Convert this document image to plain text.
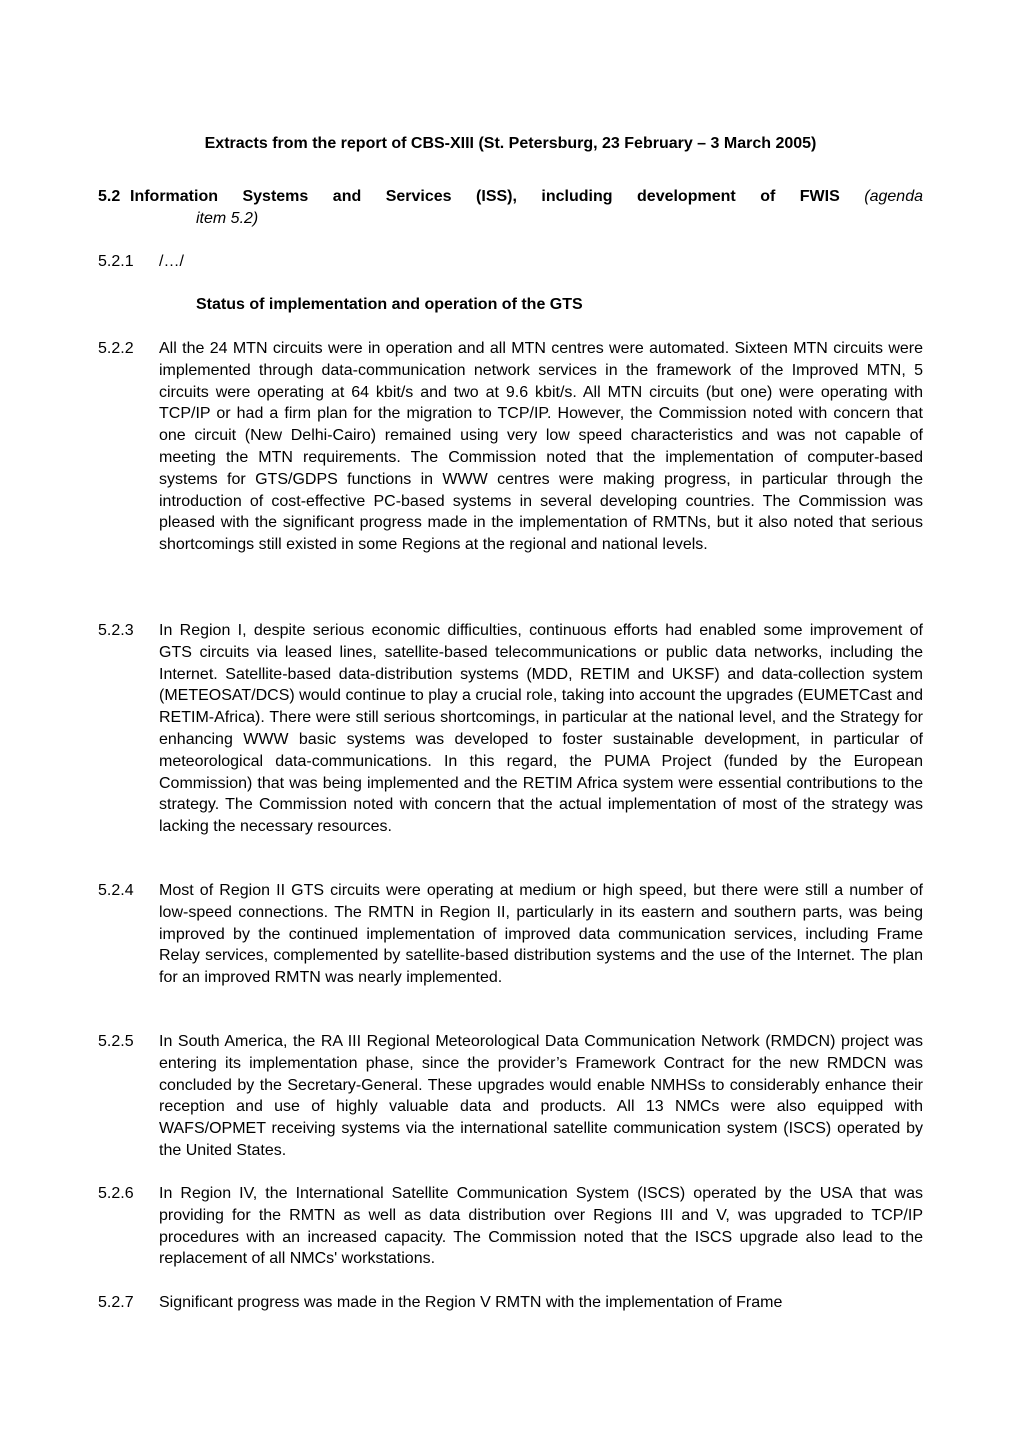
Extracts from the report of CBS-XIII (St. Petersburg, 23 February – 3 March 2005)
5.2 Information Systems and Services (ISS), including development of FWIS (agenda
item 5.2)
5.2.1	/…/
Status of implementation and operation of the GTS
5.2.2	All the 24 MTN circuits were in operation and all MTN centres were automated. Sixteen MTN circuits were implemented through data-communication network services in the framework of the Improved MTN, 5 circuits were operating at 64 kbit/s and two at 9.6 kbit/s. All MTN circuits (but one) were operating with TCP/IP or had a firm plan for the migration to TCP/IP. However, the Commission noted with concern that one circuit (New Delhi-Cairo) remained using very low speed characteristics and was not capable of meeting the MTN requirements. The Commission noted that the implementation of computer-based systems for GTS/GDPS functions in WWW centres were making progress, in particular through the introduction of cost-effective PC-based systems in several developing countries. The Commission was pleased with the significant progress made in the implementation of RMTNs, but it also noted that serious shortcomings still existed in some Regions at the regional and national levels.
5.2.3	In Region I, despite serious economic difficulties, continuous efforts had enabled some improvement of GTS circuits via leased lines, satellite-based telecommunications or public data networks, including the Internet. Satellite-based data-distribution systems (MDD, RETIM and UKSF) and data-collection system (METEOSAT/DCS) would continue to play a crucial role, taking into account the upgrades (EUMETCast and RETIM-Africa). There were still serious shortcomings, in particular at the national level, and the Strategy for enhancing WWW basic systems was developed to foster sustainable development, in particular of meteorological data-communications. In this regard, the PUMA Project (funded by the European Commission) that was being implemented and the RETIM Africa system were essential contributions to the strategy. The Commission noted with concern that the actual implementation of most of the strategy was lacking the necessary resources.
5.2.4	Most of Region II GTS circuits were operating at medium or high speed, but there were still a number of low-speed connections. The RMTN in Region II, particularly in its eastern and southern parts, was being improved by the continued implementation of improved data communication services, including Frame Relay services, complemented by satellite-based distribution systems and the use of the Internet. The plan for an improved RMTN was nearly implemented.
5.2.5	In South America, the RA III Regional Meteorological Data Communication Network (RMDCN) project was entering its implementation phase, since the provider’s Framework Contract for the new RMDCN was concluded by the Secretary-General. These upgrades would enable NMHSs to considerably enhance their reception and use of highly valuable data and products. All 13 NMCs were also equipped with WAFS/OPMET receiving systems via the international satellite communication system (ISCS) operated by the United States.
5.2.6	In Region IV, the International Satellite Communication System (ISCS) operated by the USA that was providing for the RMTN as well as data distribution over Regions III and V, was upgraded to TCP/IP procedures with an increased capacity. The Commission noted that the ISCS upgrade also lead to the replacement of all NMCs' workstations.
5.2.7	Significant progress was made in the Region V RMTN with the implementation of Frame
